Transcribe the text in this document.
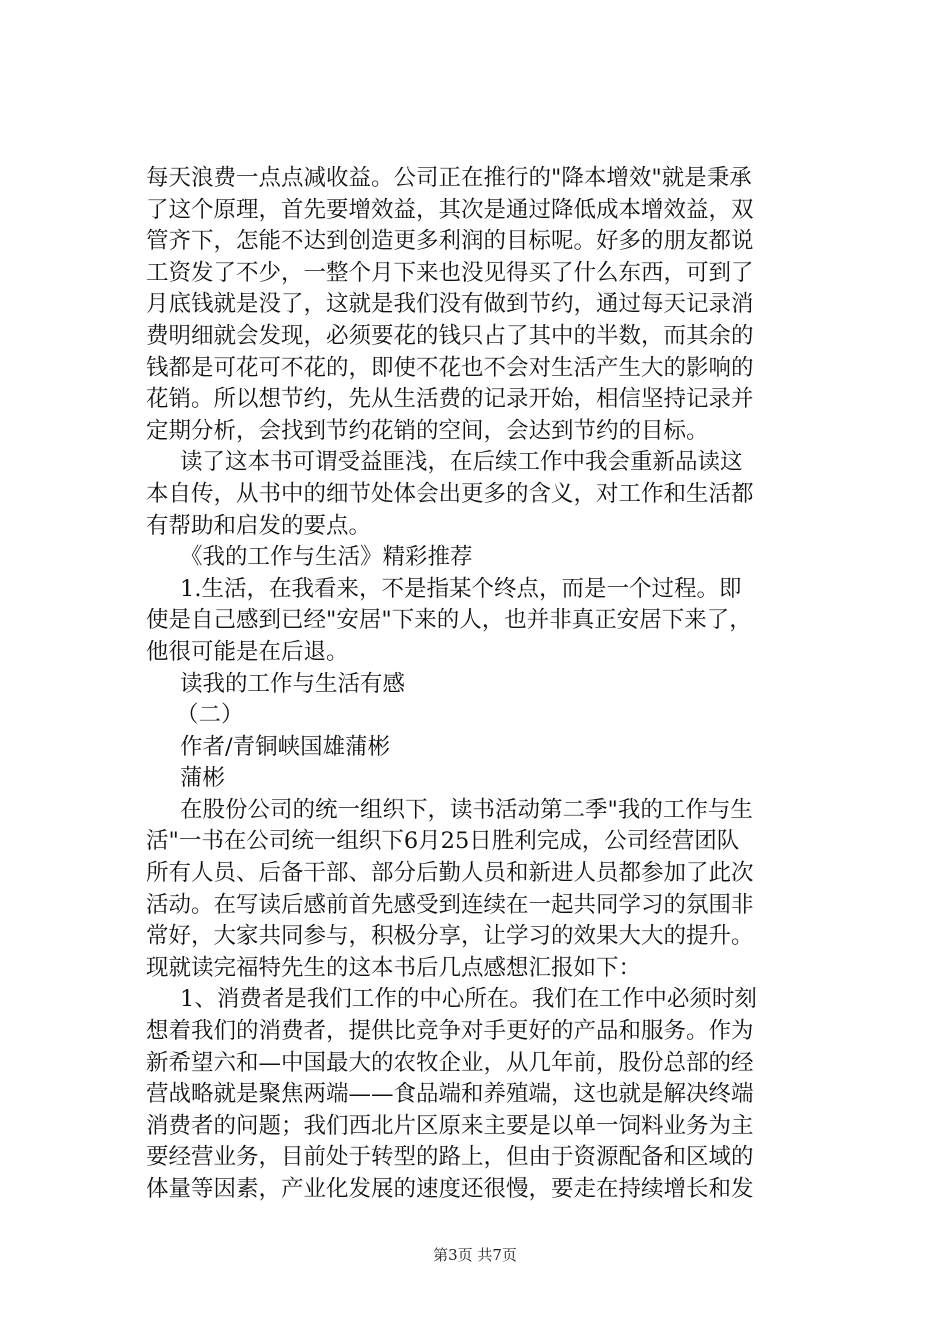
每天浪费一点点减收益。公司正在推行的"降本增效"就是秉承
了这个原理，首先要增效益，其次是通过降低成本增效益，双
管齐下，怎能不达到创造更多利润的目标呢。好多的朋友都说
工资发了不少，一整个月下来也没见得买了什么东西，可到了
月底钱就是没了，这就是我们没有做到节约，通过每天记录消
费明细就会发现，必须要花的钱只占了其中的半数，而其余的
钱都是可花可不花的，即使不花也不会对生活产生大的影响的
花销。所以想节约，先从生活费的记录开始，相信坚持记录并
定期分析，会找到节约花销的空间，会达到节约的目标。
读了这本书可谓受益匪浅，在后续工作中我会重新品读这
本自传，从书中的细节处体会出更多的含义，对工作和生活都
有帮助和启发的要点。
《我的工作与生活》精彩推荐
1.生活，在我看来，不是指某个终点，而是一个过程。即
使是自己感到已经"安居"下来的人，也并非真正安居下来了，
他很可能是在后退。
读我的工作与生活有感
（二）
作者/青铜峡国雄蒲彬
蒲彬
在股份公司的统一组织下，读书活动第二季"我的工作与生
活"一书在公司统一组织下6月25日胜利完成，公司经营团队
所有人员、后备干部、部分后勤人员和新进人员都参加了此次
活动。在写读后感前首先感受到连续在一起共同学习的氛围非
常好，大家共同参与，积极分享，让学习的效果大大的提升。
现就读完福特先生的这本书后几点感想汇报如下：
1、消费者是我们工作的中心所在。我们在工作中必须时刻
想着我们的消费者，提供比竞争对手更好的产品和服务。作为
新希望六和—中国最大的农牧企业，从几年前，股份总部的经
营战略就是聚焦两端——食品端和养殖端，这也就是解决终端
消费者的问题；我们西北片区原来主要是以单一饲料业务为主
要经营业务，目前处于转型的路上，但由于资源配备和区域的
体量等因素，产业化发展的速度还很慢，要走在持续增长和发
第3页 共7页
